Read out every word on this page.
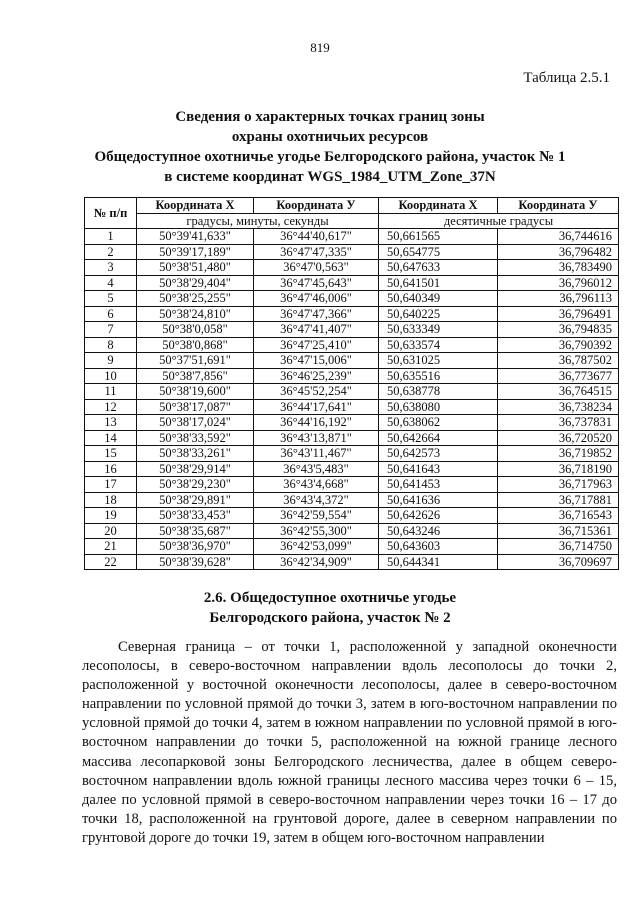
819
Таблица 2.5.1
Сведения о характерных точках границ зоны
охраны охотничьих ресурсов
Общедоступное охотничье угодье Белгородского района, участок № 1
в системе координат WGS_1984_UTM_Zone_37N
№ п/п	Координата Х	Координата У	Координата Х	Координата У
	градусы, минуты, секунды		десятичные градусы	
1	50°39'41,633"	36°44'40,617"	50,661565	36,744616
2	50°39'17,189"	36°47'47,335"	50,654775	36,796482
3	50°38'51,480"	36°47'0,563"	50,647633	36,783490
4	50°38'29,404"	36°47'45,643"	50,641501	36,796012
5	50°38'25,255"	36°47'46,006"	50,640349	36,796113
6	50°38'24,810"	36°47'47,366"	50,640225	36,796491
7	50°38'0,058"	36°47'41,407"	50,633349	36,794835
8	50°38'0,868"	36°47'25,410"	50,633574	36,790392
9	50°37'51,691"	36°47'15,006"	50,631025	36,787502
10	50°38'7,856"	36°46'25,239"	50,635516	36,773677
11	50°38'19,600"	36°45'52,254"	50,638778	36,764515
12	50°38'17,087"	36°44'17,641"	50,638080	36,738234
13	50°38'17,024"	36°44'16,192"	50,638062	36,737831
14	50°38'33,592"	36°43'13,871"	50,642664	36,720520
15	50°38'33,261"	36°43'11,467"	50,642573	36,719852
16	50°38'29,914"	36°43'5,483"	50,641643	36,718190
17	50°38'29,230"	36°43'4,668"	50,641453	36,717963
18	50°38'29,891"	36°43'4,372"	50,641636	36,717881
19	50°38'33,453"	36°42'59,554"	50,642626	36,716543
20	50°38'35,687"	36°42'55,300"	50,643246	36,715361
21	50°38'36,970"	36°42'53,099"	50,643603	36,714750
22	50°38'39,628"	36°42'34,909"	50,644341	36,709697
2.6. Общедоступное охотничье угодье
Белгородского района, участок № 2
Северная граница – от точки 1, расположенной у западной оконечности лесополосы, в северо-восточном направлении вдоль лесополосы до точки 2, расположенной у восточной оконечности лесополосы, далее в северо-восточном направлении по условной прямой до точки 3, затем в юго-восточном направлении по условной прямой до точки 4, затем в южном направлении по условной прямой в юго-восточном направлении до точки 5, расположенной на южной границе лесного массива лесопарковой зоны Белгородского лесничества, далее в общем северо-восточном направлении вдоль южной границы лесного массива через точки 6 – 15, далее по условной прямой в северо-восточном направлении через точки 16 – 17 до точки 18, расположенной на грунтовой дороге, далее в северном направлении по грунтовой дороге до точки 19, затем в общем юго-восточном направлении
